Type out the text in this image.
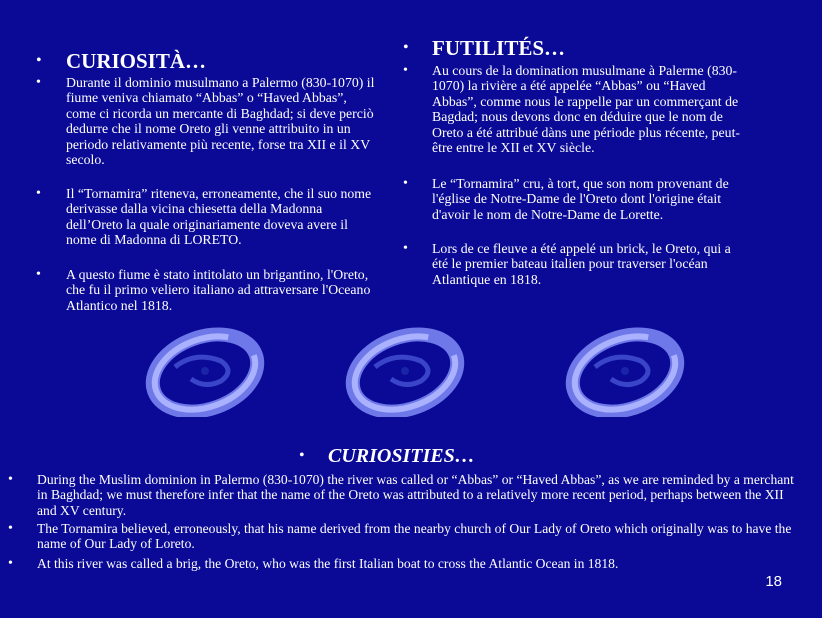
• CURIOSITÀ…
• Durante il dominio musulmano a Palermo (830-1070) il fiume veniva chiamato “Abbas” o “Haved Abbas”, come ci ricorda un mercante di Baghdad; si deve perciò dedurre che il nome Oreto gli venne attribuito in un periodo relativamente più recente, forse tra XII e il XV secolo.
• Il “Tornamira” riteneva, erroneamente, che il suo nome derivasse dalla vicina chiesetta della Madonna dell’Oreto la quale originariamente doveva avere il nome di Madonna di LORETO.
• A questo fiume è stato intitolato un brigantino, l'Oreto, che fu il primo veliero italiano ad attraversare l'Oceano Atlantico nel 1818.
• FUTILITÉS…
• Au cours de la domination musulmane à Palerme (830-1070) la rivière a été appelée “Abbas” ou “Haved Abbas”, comme nous le rappelle par un commerçant de Bagdad; nous devons donc en déduire que le nom de Oreto a été attribué dàns une période plus récente, peut-être entre le XII et XV siècle.
• Le “Tornamira” cru, à tort, que son nom provenant de l'église de Notre-Dame de l'Oreto dont l'origine était d'avoir le nom de Notre-Dame de Lorette.
• Lors de ce fleuve a été appelé un brick, le Oreto, qui a été le premier bateau italien pour traverser l'océan Atlantique en 1818.
• CURIOSITIES…
• During the Muslim dominion in Palermo (830-1070) the river was called or “Abbas” or “Haved Abbas”, as we are reminded by a merchant in Baghdad; we must therefore infer that the name of the Oreto was attributed to a relatively more recent period, perhaps between the XII and XV century.
• The Tornamira believed, erroneously, that his name derived from the nearby church of Our Lady of Oreto which originally was to have the name of Our Lady of Loreto.
• At this river was called a brig, the Oreto, who was the first Italian boat to cross the Atlantic Ocean in 1818.
18
